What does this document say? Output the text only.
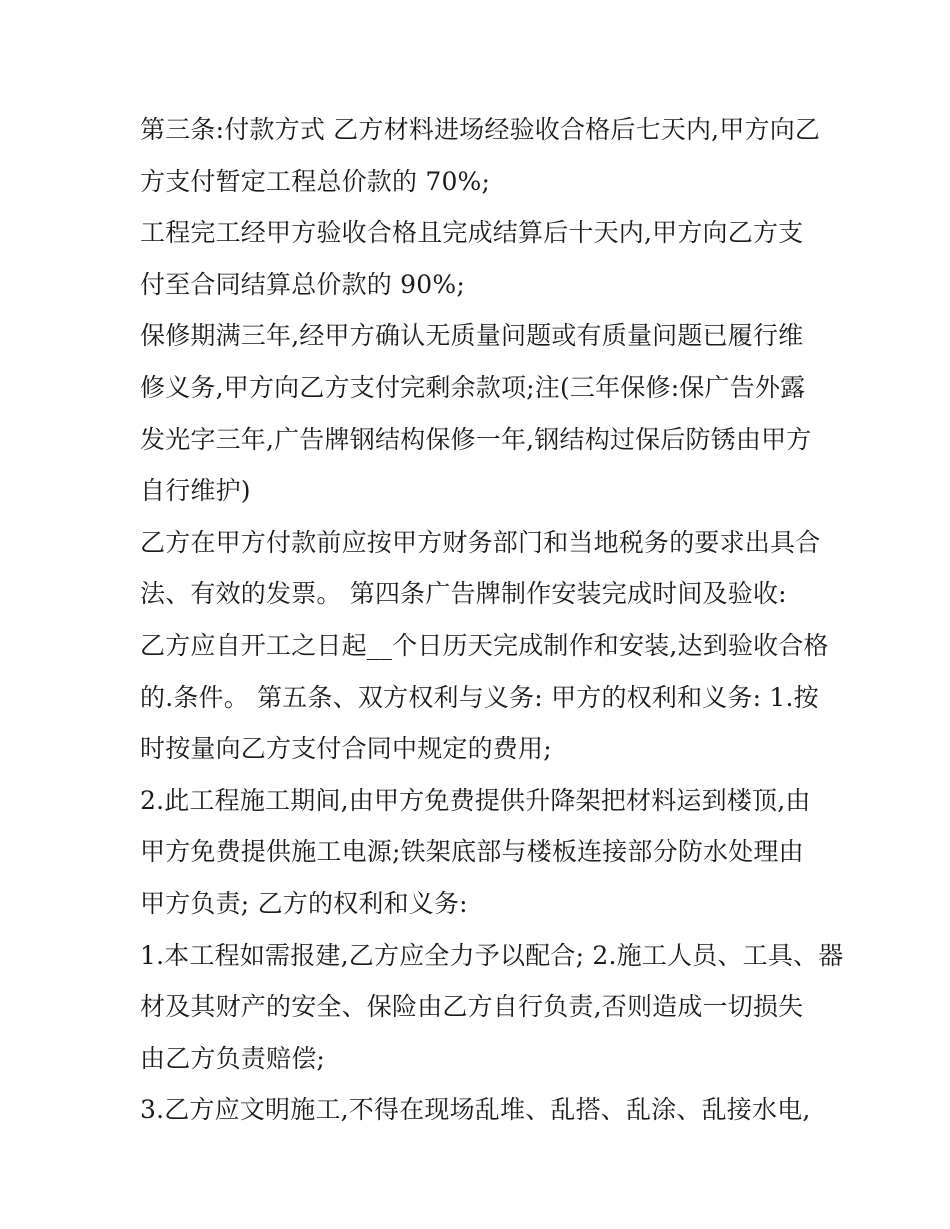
第三条:付款方式 乙方材料进场经验收合格后七天内,甲方向乙
方支付暂定工程总价款的 70%;
工程完工经甲方验收合格且完成结算后十天内,甲方向乙方支
付至合同结算总价款的 90%;
保修期满三年,经甲方确认无质量问题或有质量问题已履行维
修义务,甲方向乙方支付完剩余款项;注(三年保修:保广告外露
发光字三年,广告牌钢结构保修一年,钢结构过保后防锈由甲方
自行维护)
乙方在甲方付款前应按甲方财务部门和当地税务的要求出具合
法、有效的发票。 第四条广告牌制作安装完成时间及验收:
乙方应自开工之日起__个日历天完成制作和安装,达到验收合格
的.条件。 第五条、双方权利与义务: 甲方的权利和义务: 1.按
时按量向乙方支付合同中规定的费用;
2.此工程施工期间,由甲方免费提供升降架把材料运到楼顶,由
甲方免费提供施工电源;铁架底部与楼板连接部分防水处理由
甲方负责; 乙方的权利和义务:
1.本工程如需报建,乙方应全力予以配合; 2.施工人员、工具、器
材及其财产的安全、保险由乙方自行负责,否则造成一切损失
由乙方负责赔偿;
3.乙方应文明施工,不得在现场乱堆、乱搭、乱涂、乱接水电,
